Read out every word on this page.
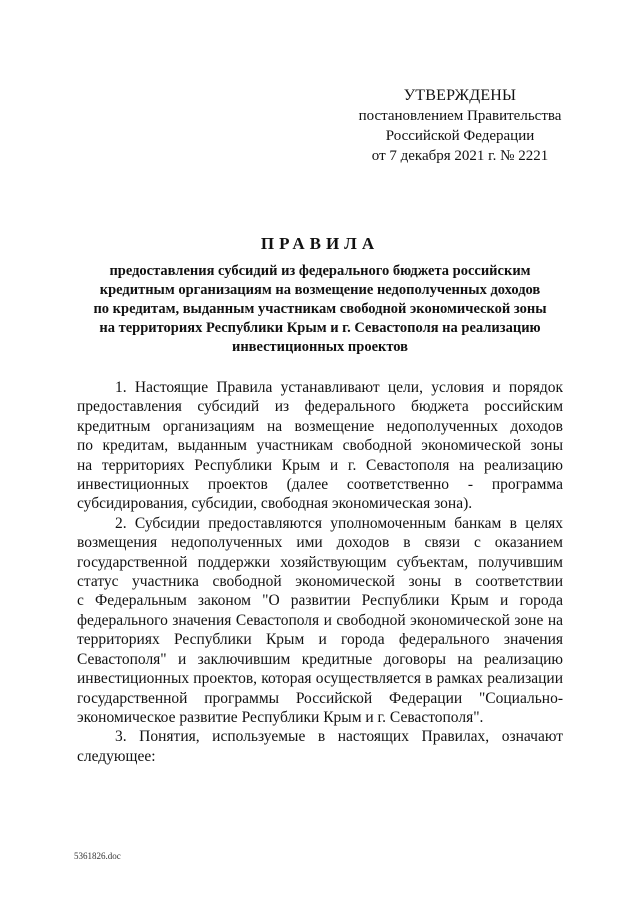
УТВЕРЖДЕНЫ
постановлением Правительства
Российской Федерации
от 7 декабря 2021 г. № 2221
ПРАВИЛА
предоставления субсидий из федерального бюджета российским
кредитным организациям на возмещение недополученных доходов
по кредитам, выданным участникам свободной экономической зоны
на территориях Республики Крым и г. Севастополя на реализацию
инвестиционных проектов
1. Настоящие Правила устанавливают цели, условия и порядок
предоставления субсидий из федерального бюджета российским
кредитным организациям на возмещение недополученных доходов
по кредитам, выданным участникам свободной экономической зоны
на территориях Республики Крым и г. Севастополя на реализацию
инвестиционных проектов (далее соответственно - программа
субсидирования, субсидии, свободная экономическая зона).
2. Субсидии предоставляются уполномоченным банкам в целях
возмещения недополученных ими доходов в связи с оказанием
государственной поддержки хозяйствующим субъектам, получившим
статус участника свободной экономической зоны в соответствии
с Федеральным законом "О развитии Республики Крым и города
федерального значения Севастополя и свободной экономической зоне на
территориях Республики Крым и города федерального значения
Севастополя" и заключившим кредитные договоры на реализацию
инвестиционных проектов, которая осуществляется в рамках реализации
государственной программы Российской Федерации "Социально-
экономическое развитие Республики Крым и г. Севастополя".
3. Понятия, используемые в настоящих Правилах, означают
следующее:
5361826.doc
